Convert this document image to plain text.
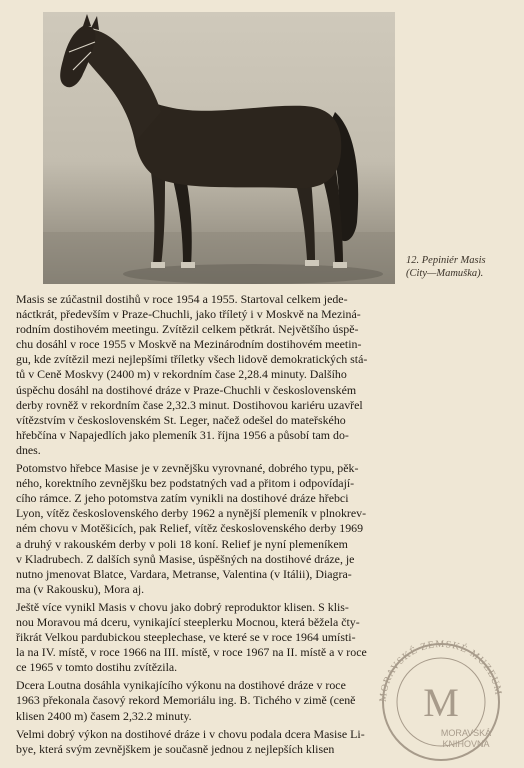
12. Pepiniér Masis
(City—Mamuška).
Masis se zúčastnil dostihů v roce 1954 a 1955. Startoval celkem jede-
náctkrát, především v Praze-Chuchli, jako tříletý i v Moskvě na Meziná-
rodním dostihovém meetingu. Zvítězil celkem pětkrát. Největšího úspě-
chu dosáhl v roce 1955 v Moskvě na Mezinárodním dostihovém meetin-
gu, kde zvítězil mezi nejlepšími tříletky všech lidově demokratických stá-
tů v Ceně Moskvy (2400 m) v rekordním čase 2,28.4 minuty. Dalšího
úspěchu dosáhl na dostihové dráze v Praze-Chuchli v československém
derby rovněž v rekordním čase 2,32.3 minut. Dostihovou kariéru uzavřel
vítězstvím v československém St. Leger, načež odešel do mateřského
hřebčína v Napajedlích jako plemeník 31. října 1956 a působí tam do-
dnes.
Potomstvo hřebce Masise je v zevnějšku vyrovnané, dobrého typu, pěk-
ného, korektního zevnějšku bez podstatných vad a přitom i odpovídají-
cího rámce. Z jeho potomstva zatím vynikli na dostihové dráze hřebci
Lyon, vítěz československého derby 1962 a nynější plemeník v plnokrev-
ném chovu v Motěšicích, pak Relief, vítěz československého derby 1969
a druhý v rakouském derby v poli 18 koní. Relief je nyní plemeníkem
v Kladrubech. Z dalších synů Masise, úspěšných na dostihové dráze, je
nutno jmenovat Blatce, Vardara, Metranse, Valentina (v Itálii), Diagra-
ma (v Rakousku), Mora aj.
Ještě více vynikl Masis v chovu jako dobrý reproduktor klisen. S klis-
nou Moravou má dceru, vynikající steeplerku Mocnou, která běžela čty-
řikrát Velkou pardubickou steeplechase, ve které se v roce 1964 umísti-
la na IV. místě, v roce 1966 na III. místě, v roce 1967 na II. místě a v roce
ce 1965 v tomto dostihu zvítězila.
Dcera Loutna dosáhla vynikajícího výkonu na dostihové dráze v roce
1963 překonala časový rekord Memoriálu ing. B. Tichého v zimě (ceně
klisen 2400 m) časem 2,32.2 minuty.
Velmi dobrý výkon na dostihové dráze i v chovu podala dcera Masise Li-
bye, která svým zevnějškem je současně jednou z nejlepších klisen
MORAVSKÉ ZEMSKÉ MUZEUM
M
MORAVSKÁ
KNIHOVNA
